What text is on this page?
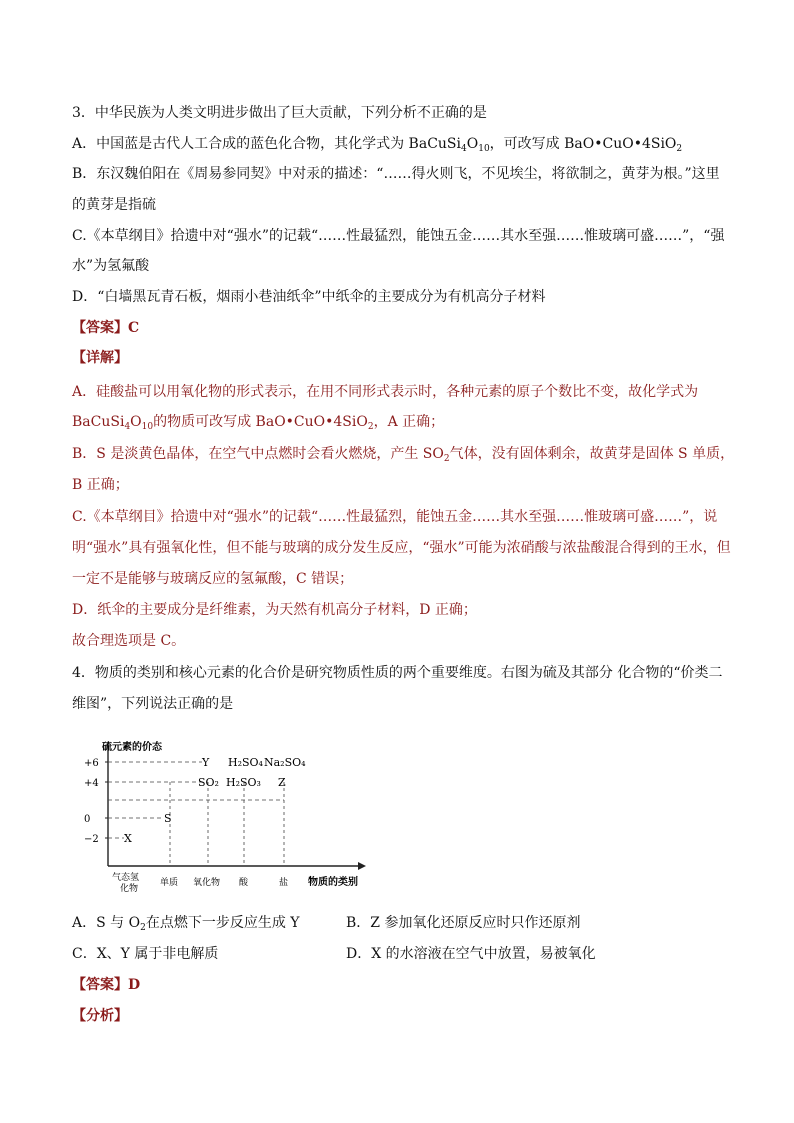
3．中华民族为人类文明进步做出了巨大贡献，下列分析不正确的是
A．中国蓝是古代人工合成的蓝色化合物，其化学式为 $BaCuSi_4O_{10}$，可改写成 BaO•CuO•4SiO$_2$
B．东汉魏伯阳在《周易参同契》中对汞的描述：“……得火则飞，不见埃尘，将欲制之，黄芽为根。”这里
的黄芽是指硫
C.《本草纲目》拾遗中对“强水”的记载“……性最猛烈，能蚀五金……其水至强……惟玻璃可盛……”，“强
水”为氢氟酸
D．“白墙黑瓦青石板，烟雨小巷油纸伞”中纸伞的主要成分为有机高分子材料
【答案】C
【详解】
A．硅酸盐可以用氧化物的形式表示，在用不同形式表示时，各种元素的原子个数比不变，故化学式为
$BaCuSi_4O_{10}$的物质可改写成 BaO•CuO•4SiO$_2$，A 正确；
B．S 是淡黄色晶体，在空气中点燃时会看火燃烧，产生 $SO_2$气体，没有固体剩余，故黄芽是固体 S 单质，
B 正确；
C.《本草纲目》拾遗中对“强水”的记载“……性最猛烈，能蚀五金……其水至强……惟玻璃可盛……”，说
明“强水”具有强氧化性，但不能与玻璃的成分发生反应，“强水”可能为浓硝酸与浓盐酸混合得到的王水，但
一定不是能够与玻璃反应的氢氟酸，C 错误；
D．纸伞的主要成分是纤维素，为天然有机高分子材料，D 正确；
故合理选项是 C。
4．物质的类别和核心元素的化合价是研究物质性质的两个重要维度。右图为硫及其部分 化合物的“价类二
维图”，下列说法正确的是
硫元素的价态
物质的类别
+6
+4
0
−2
气态氢
化物
单质 氧化物 酸	盐
X
S
SO₂ H₂SO₃ Z
Y H₂SO₄ Na₂SO₄
A．S 与 $O_2$在点燃下一步反应生成 Y	B．Z 参加氧化还原反应时只作还原剂
C．X、Y 属于非电解质	D．X 的水溶液在空气中放置，易被氧化
【答案】D
【分析】
